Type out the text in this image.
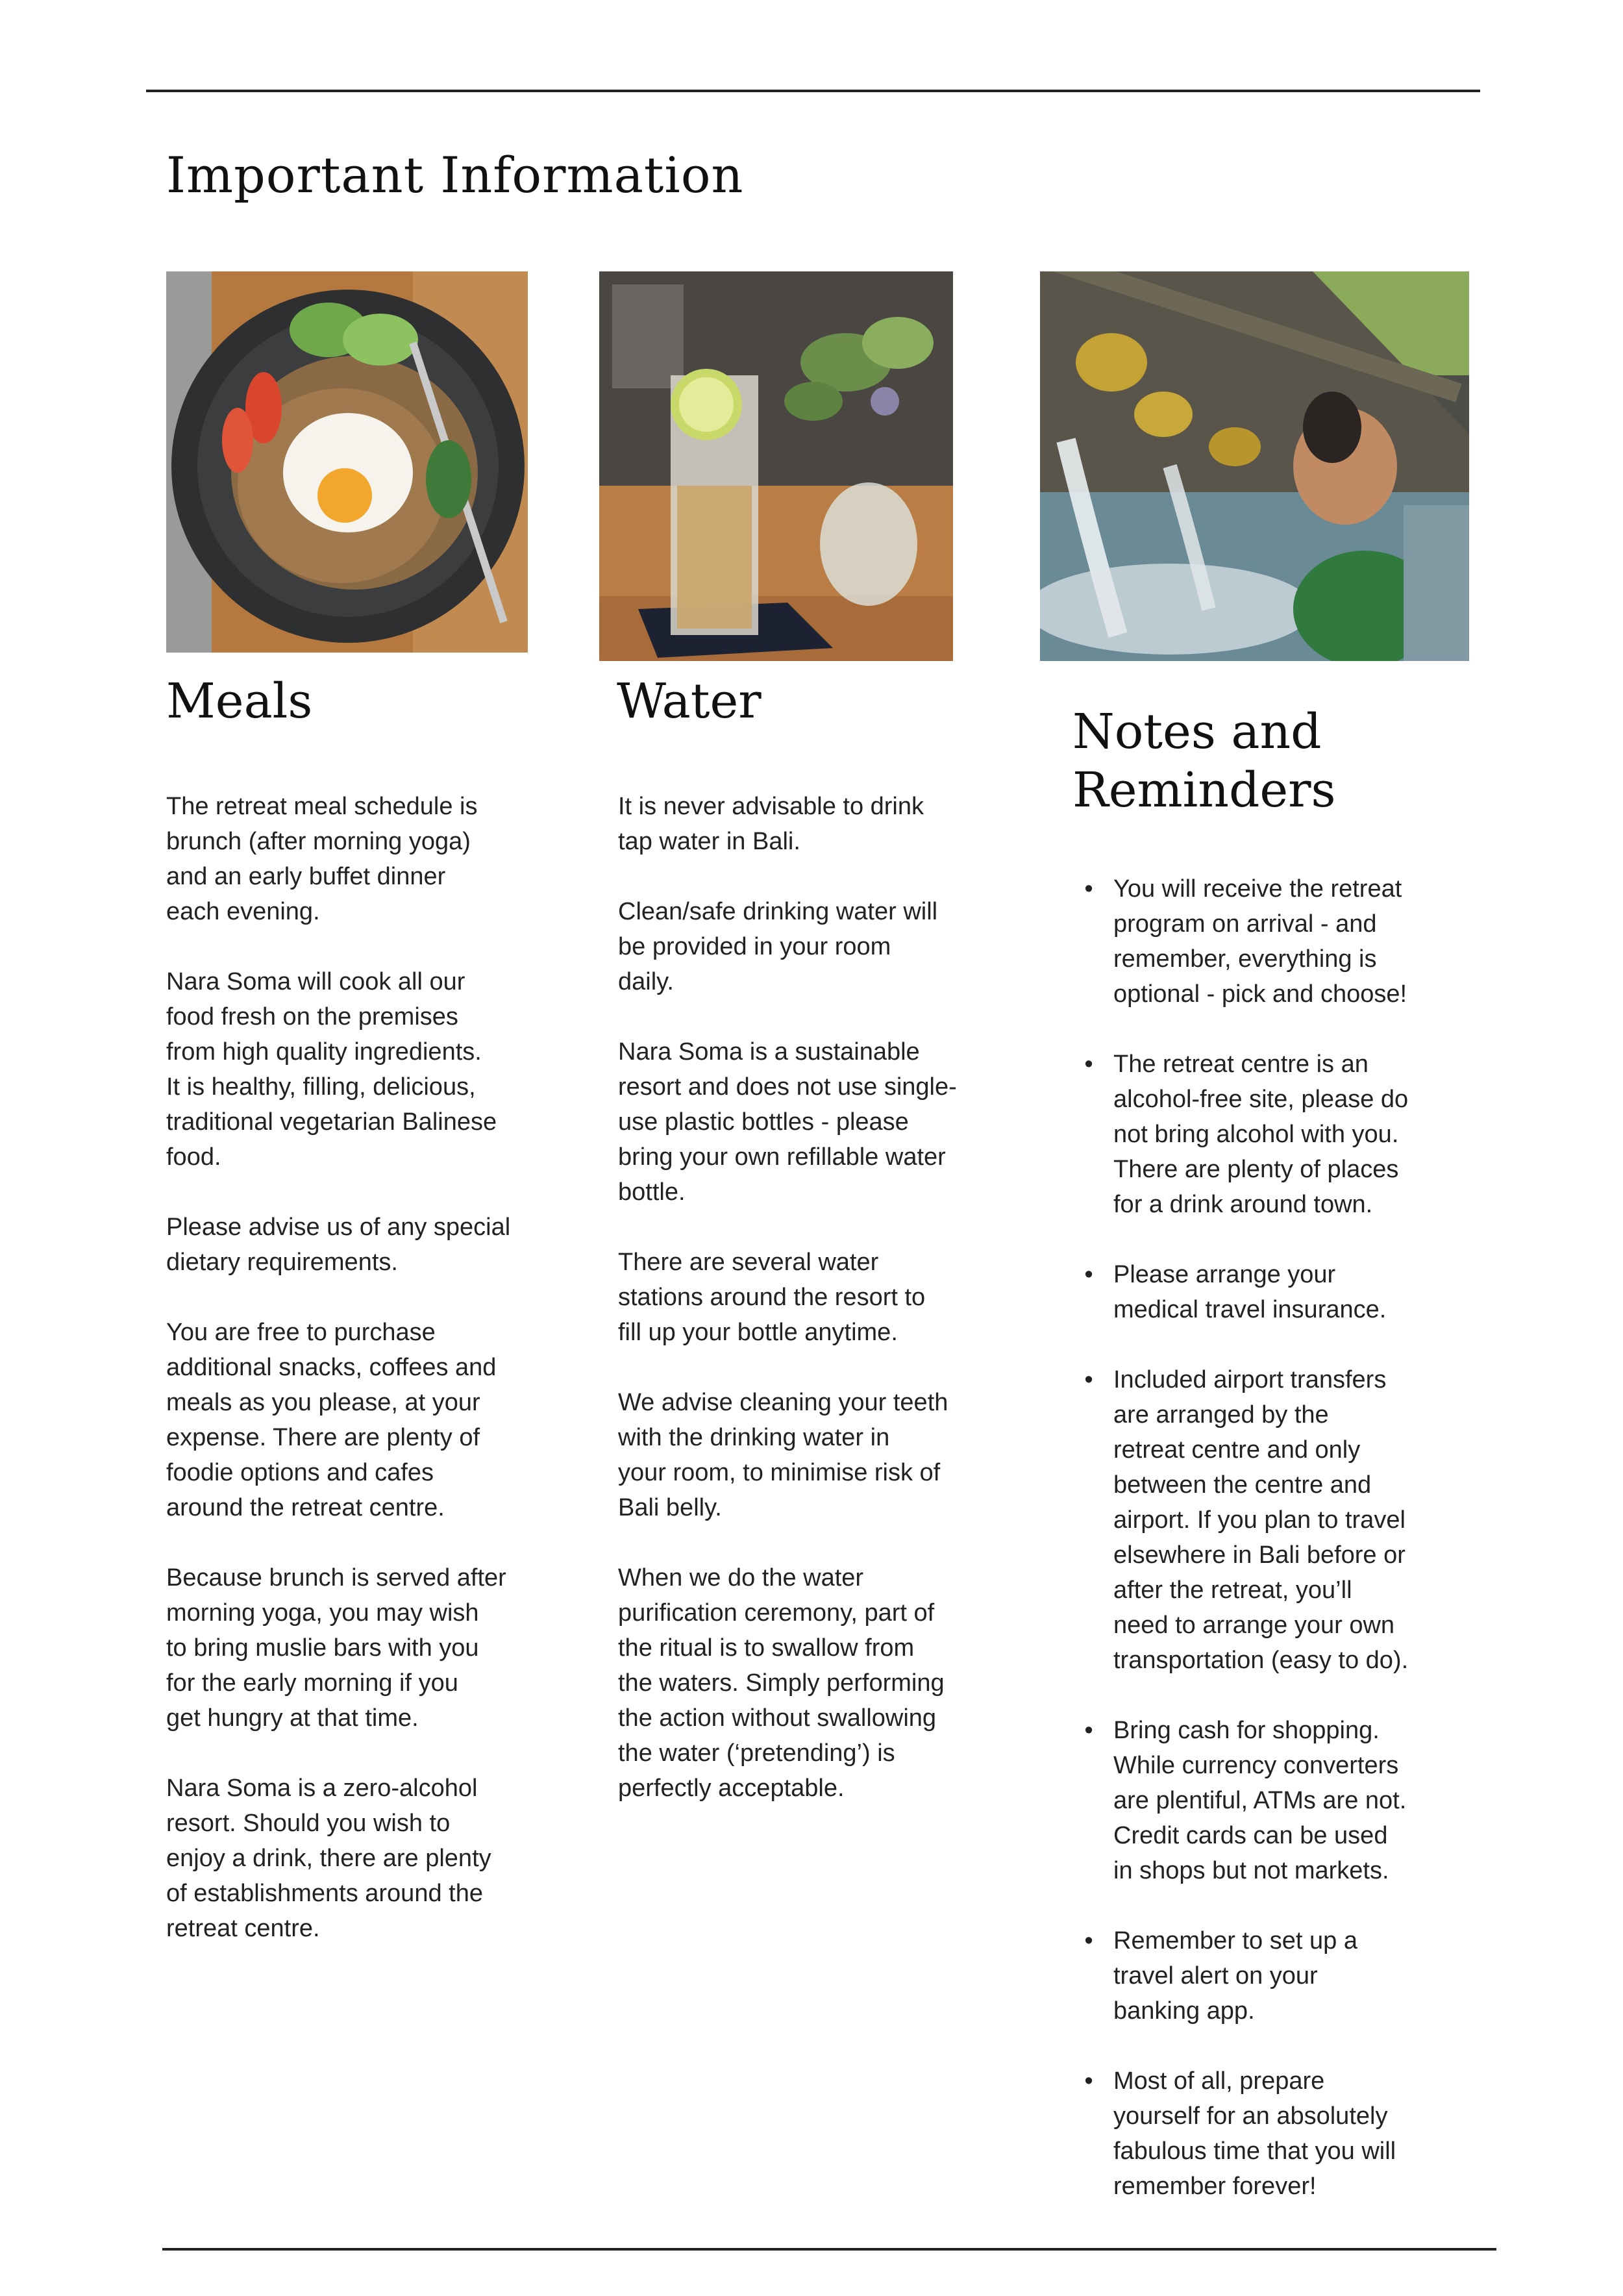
Important Information
Meals	Water
Notes and
Reminders

The retreat meal schedule is
brunch (after morning yoga)
and an early buffet dinner
each evening.

Nara Soma will cook all our
food fresh on the premises
from high quality ingredients.
It is healthy, filling, delicious,
traditional vegetarian Balinese
food.

Please advise us of any special
dietary requirements.

You are free to purchase
additional snacks, coffees and
meals as you please, at your
expense. There are plenty of
foodie options and cafes
around the retreat centre.

Because brunch is served after
morning yoga, you may wish
to bring muslie bars with you
for the early morning if you
get hungry at that time.

Nara Soma is a zero-alcohol
resort. Should you wish to
enjoy a drink, there are plenty
of establishments around the
retreat centre.

It is never advisable to drink
tap water in Bali.

Clean/safe drinking water will
be provided in your room
daily.

Nara Soma is a sustainable
resort and does not use single-
use plastic bottles - please
bring your own refillable water
bottle.

There are several water
stations around the resort to
fill up your bottle anytime.

We advise cleaning your teeth
with the drinking water in
your room, to minimise risk of
Bali belly.

When we do the water
purification ceremony, part of
the ritual is to swallow from
the waters. Simply performing
the action without swallowing
the water (‘pretending’) is
perfectly acceptable.

• You will receive the retreat
program on arrival - and
remember, everything is
optional - pick and choose!
• The retreat centre is an
alcohol-free site, please do
not bring alcohol with you.
There are plenty of places
for a drink around town.
• Please arrange your
medical travel insurance.
• Included airport transfers
are arranged by the
retreat centre and only
between the centre and
airport. If you plan to travel
elsewhere in Bali before or
after the retreat, you’ll
need to arrange your own
transportation (easy to do).
• Bring cash for shopping.
While currency converters
are plentiful, ATMs are not.
Credit cards can be used
in shops but not markets.
• Remember to set up a
travel alert on your
banking app.
• Most of all, prepare
yourself for an absolutely
fabulous time that you will
remember forever!
